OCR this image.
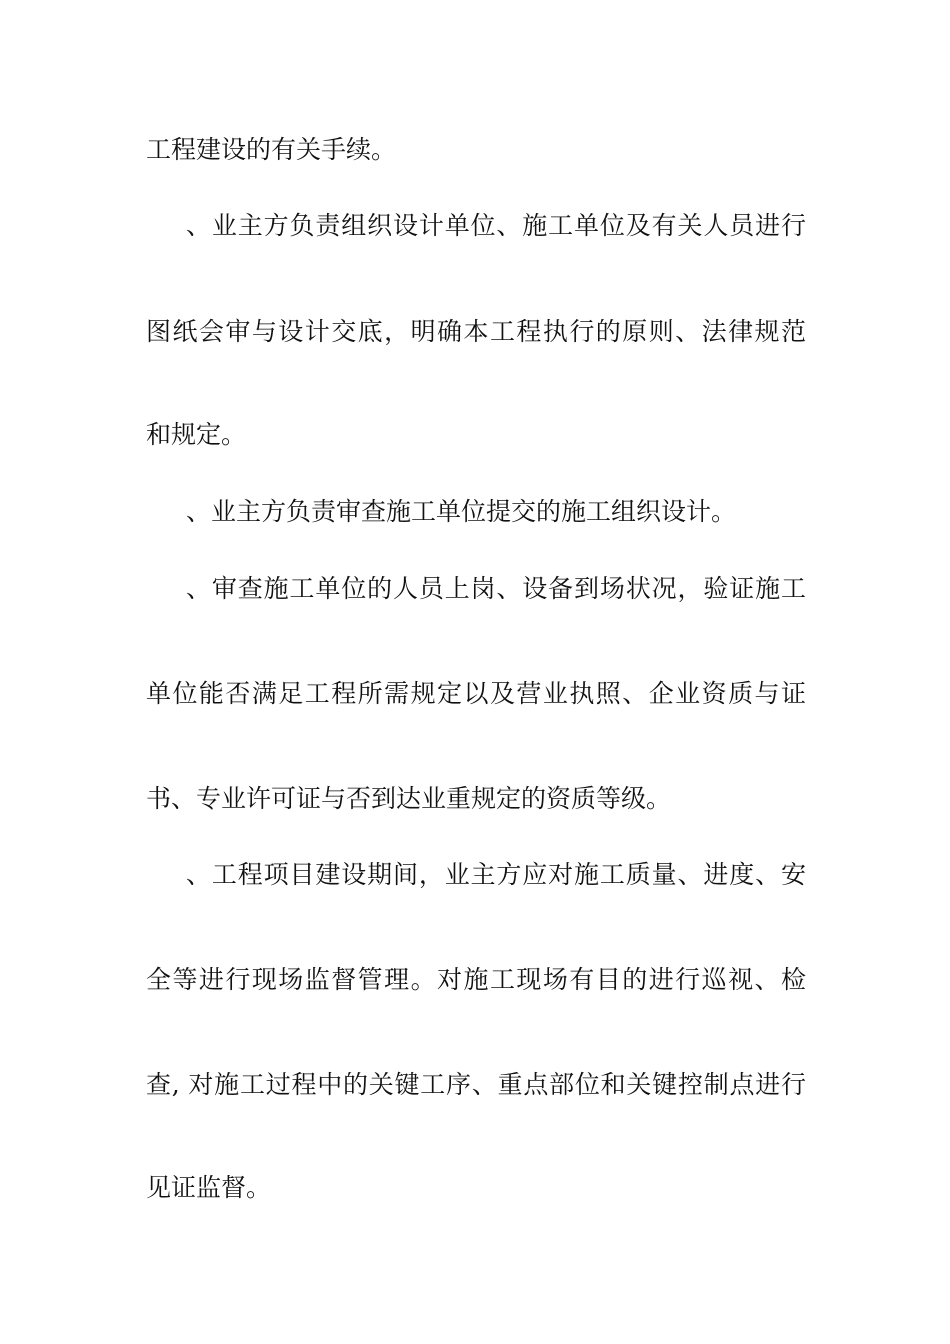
工程建设的有关手续。
、业主方负责组织设计单位、施工单位及有关人员进行
图纸会审与设计交底，明确本工程执行的原则、法律规范
和规定。
、业主方负责审查施工单位提交的施工组织设计。
、审查施工单位的人员上岗、设备到场状况，验证施工
单位能否满足工程所需规定以及营业执照、企业资质与证
书、专业许可证与否到达业重规定的资质等级。
、工程项目建设期间，业主方应对施工质量、进度、安
全等进行现场监督管理。对施工现场有目的进行巡视、检
查, 对施工过程中的关键工序、重点部位和关键控制点进行
见证监督。
